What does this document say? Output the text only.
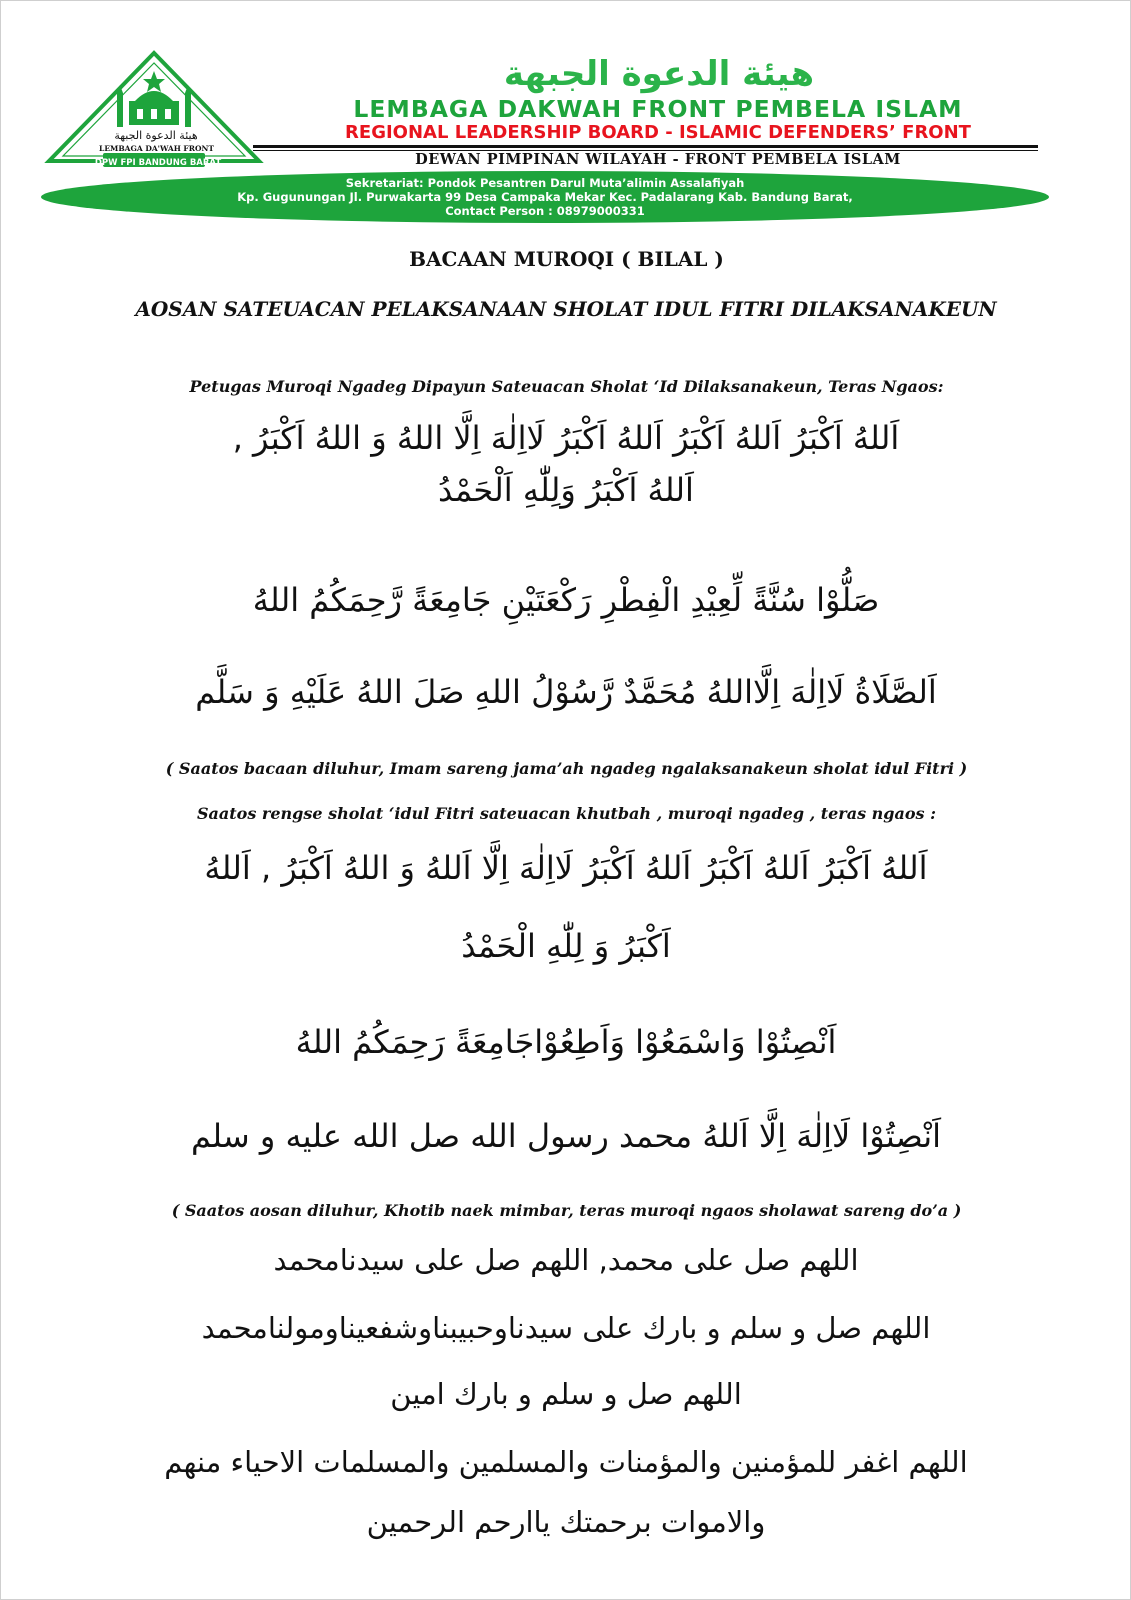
هيئة الدعوة الجبهة
LEMBAGA DA'WAH FRONT
DPW FPI BANDUNG BARAT
هيئة الدعوة الجبهة
LEMBAGA DAKWAH FRONT PEMBELA ISLAM
REGIONAL LEADERSHIP BOARD - ISLAMIC DEFENDERS’ FRONT
DEWAN PIMPINAN WILAYAH - FRONT PEMBELA ISLAM
Sekretariat: Pondok Pesantren Darul Muta’alimin Assalafiyah
Kp. Gugunungan Jl. Purwakarta 99 Desa Campaka Mekar Kec. Padalarang Kab. Bandung Barat,
Contact Person : 08979000331
BACAAN MUROQI ( BILAL )
AOSAN SATEUACAN PELAKSANAAN SHOLAT IDUL FITRI DILAKSANAKEUN
Petugas Muroqi Ngadeg Dipayun Sateuacan Sholat ‘Id Dilaksanakeun, Teras Ngaos:
اَللهُ اَكْبَرُ اَللهُ اَكْبَرُ اَللهُ اَكْبَرُ لَااِلٰهَ اِلَّا اللهُ وَ اللهُ اَكْبَرُ ,
اَللهُ اَكْبَرُ وَلِلّٰهِ اَلْحَمْدُ
صَلُّوْا سُنَّةً لِّعِيْدِ الْفِطْرِ رَكْعَتَيْنِ جَامِعَةً رَّحِمَكُمُ اللهُ
اَلصَّلَاةُ لَااِلٰهَ اِلَّااللهُ مُحَمَّدٌ رَّسُوْلُ اللهِ صَلَ اللهُ عَلَيْهِ وَ سَلَّم
( Saatos bacaan diluhur, Imam sareng jama’ah ngadeg ngalaksanakeun sholat idul Fitri )
Saatos rengse sholat ‘idul Fitri sateuacan khutbah , muroqi ngadeg , teras ngaos :
اَللهُ اَكْبَرُ اَللهُ اَكْبَرُ اَللهُ اَكْبَرُ لَااِلٰهَ اِلَّا اَللهُ وَ اللهُ اَكْبَرُ , اَللهُ
اَكْبَرُ وَ لِلّٰهِ الْحَمْدُ
اَنْصِتُوْا وَاسْمَعُوْا وَاَطِعُوْاجَامِعَةً رَحِمَكُمُ اللهُ
اَنْصِتُوْا لَااِلٰهَ اِلَّا اَللهُ محمد رسول الله صل الله عليه و سلم
( Saatos aosan diluhur, Khotib naek mimbar, teras muroqi ngaos sholawat sareng do’a )
اللهم صل على محمد, اللهم صل على سيدنامحمد
اللهم صل و سلم و بارك على سيدناوحبيبناوشفعيناومولنامحمد
اللهم صل و سلم و بارك امين
اللهم اغفر للمؤمنين والمؤمنات والمسلمين والمسلمات الاحياء منهم
والاموات برحمتك ياارحم الرحمين
